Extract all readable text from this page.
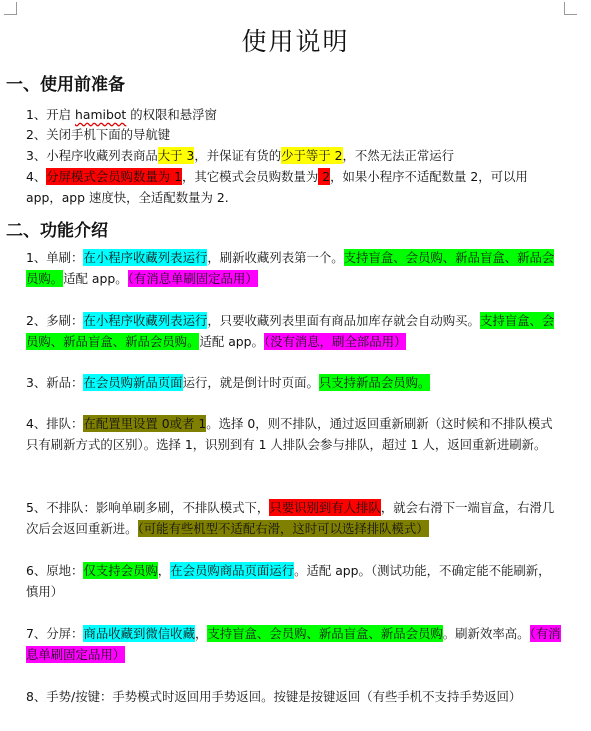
使用说明
一、使用前准备
1、开启 hamibot 的权限和悬浮窗
2、关闭手机下面的导航键
3、小程序收藏列表商品大于 3，并保证有货的少于等于 2，不然无法正常运行
4、分屏模式会员购数量为 1，其它模式会员购数量为 2，如果小程序不适配数量 2，可以用 app，app 速度快，全适配数量为 2.
二、功能介绍
1、单刷：在小程序收藏列表运行，刷新收藏列表第一个。支持盲盒、会员购、新品盲盒、新品会员购。适配 app。（有消息单刷固定品用）
2、多刷：在小程序收藏列表运行，只要收藏列表里面有商品加库存就会自动购买。支持盲盒、会员购、新品盲盒、新品会员购。适配 app。（没有消息，刷全部品用）
3、新品：在会员购新品页面运行，就是倒计时页面。只支持新品会员购。
4、排队：在配置里设置 0或者 1。选择 0，则不排队，通过返回重新刷新（这时候和不排队模式只有刷新方式的区别）。选择 1，识别到有 1 人排队会参与排队，超过 1 人，返回重新进刷新。
5、不排队：影响单刷多刷，不排队模式下，只要识别到有人排队，就会右滑下一端盲盒，右滑几次后会返回重新进。（可能有些机型不适配右滑，这时可以选择排队模式）
6、原地：仅支持会员购，在会员购商品页面运行。适配 app。（测试功能，不确定能不能刷新，慎用）
7、分屏：商品收藏到微信收藏，支持盲盒、会员购、新品盲盒、新品会员购。刷新效率高。（有消息单刷固定品用）
8、手势/按键：手势模式时返回用手势返回。按键是按键返回（有些手机不支持手势返回）
